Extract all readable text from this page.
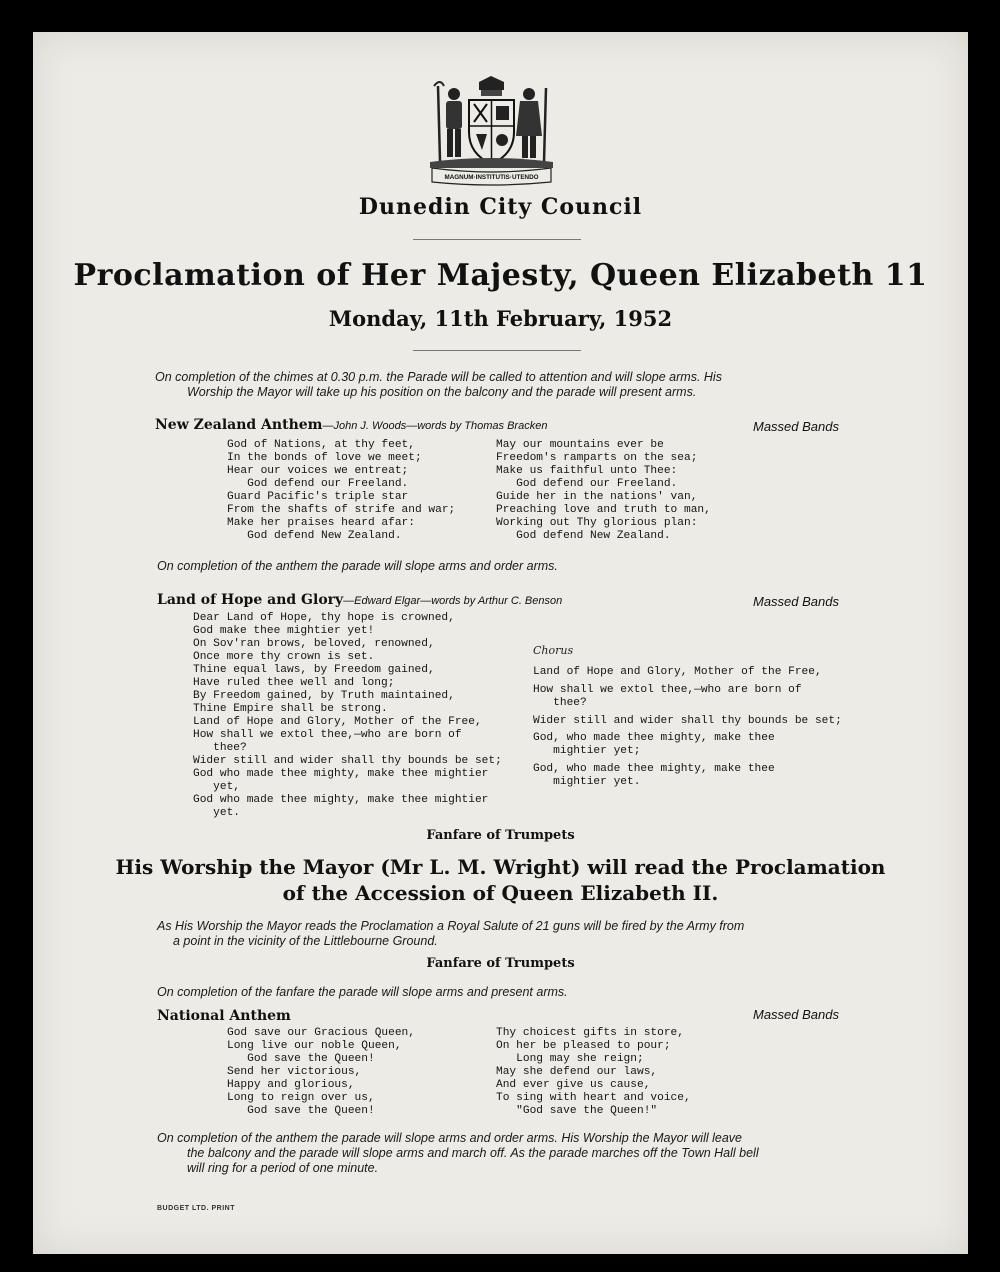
MAGNUM·INSTITUTIS·UTENDO
Dunedin City Council
Proclamation of Her Majesty, Queen Elizabeth 11
Monday, 11th February, 1952
On completion of the chimes at 0.30 p.m. the Parade will be called to attention and will slope arms. His
Worship the Mayor will take up his position on the balcony and the parade will present arms.
New Zealand Anthem—John J. Woods—words by Thomas Bracken	Massed Bands
God of Nations, at thy feet,
In the bonds of love we meet;
Hear our voices we entreat;
God defend our Freeland.
Guard Pacific's triple star
From the shafts of strife and war;
Make her praises heard afar:
God defend New Zealand.
May our mountains ever be
Freedom's ramparts on the sea;
Make us faithful unto Thee:
God defend our Freeland.
Guide her in the nations' van,
Preaching love and truth to man,
Working out Thy glorious plan:
God defend New Zealand.
On completion of the anthem the parade will slope arms and order arms.
Land of Hope and Glory—Edward Elgar—words by Arthur C. Benson	Massed Bands
Dear Land of Hope, thy hope is crowned,
God make thee mightier yet!
On Sov'ran brows, beloved, renowned,
Once more thy crown is set.
Thine equal laws, by Freedom gained,
Have ruled thee well and long;
By Freedom gained, by Truth maintained,
Thine Empire shall be strong.
Land of Hope and Glory, Mother of the Free,
How shall we extol thee,—who are born of
thee?
Wider still and wider shall thy bounds be set;
God who made thee mighty, make thee mightier
yet,
God who made thee mighty, make thee mightier
yet.
Chorus
Land of Hope and Glory, Mother of the Free,
How shall we extol thee,—who are born of
thee?
Wider still and wider shall thy bounds be set;
God, who made thee mighty, make thee
mightier yet;
God, who made thee mighty, make thee
mightier yet.
Fanfare of Trumpets
His Worship the Mayor (Mr L. M. Wright) will read the Proclamation
of the Accession of Queen Elizabeth II.
As His Worship the Mayor reads the Proclamation a Royal Salute of 21 guns will be fired by the Army from
a point in the vicinity of the Littlebourne Ground.
Fanfare of Trumpets
On completion of the fanfare the parade will slope arms and present arms.
National Anthem	Massed Bands
God save our Gracious Queen,
Long live our noble Queen,
God save the Queen!
Send her victorious,
Happy and glorious,
Long to reign over us,
God save the Queen!
Thy choicest gifts in store,
On her be pleased to pour;
Long may she reign;
May she defend our laws,
And ever give us cause,
To sing with heart and voice,
"God save the Queen!"
On completion of the anthem the parade will slope arms and order arms. His Worship the Mayor will leave
the balcony and the parade will slope arms and march off. As the parade marches off the Town Hall bell
will ring for a period of one minute.
BUDGET LTD. PRINT
